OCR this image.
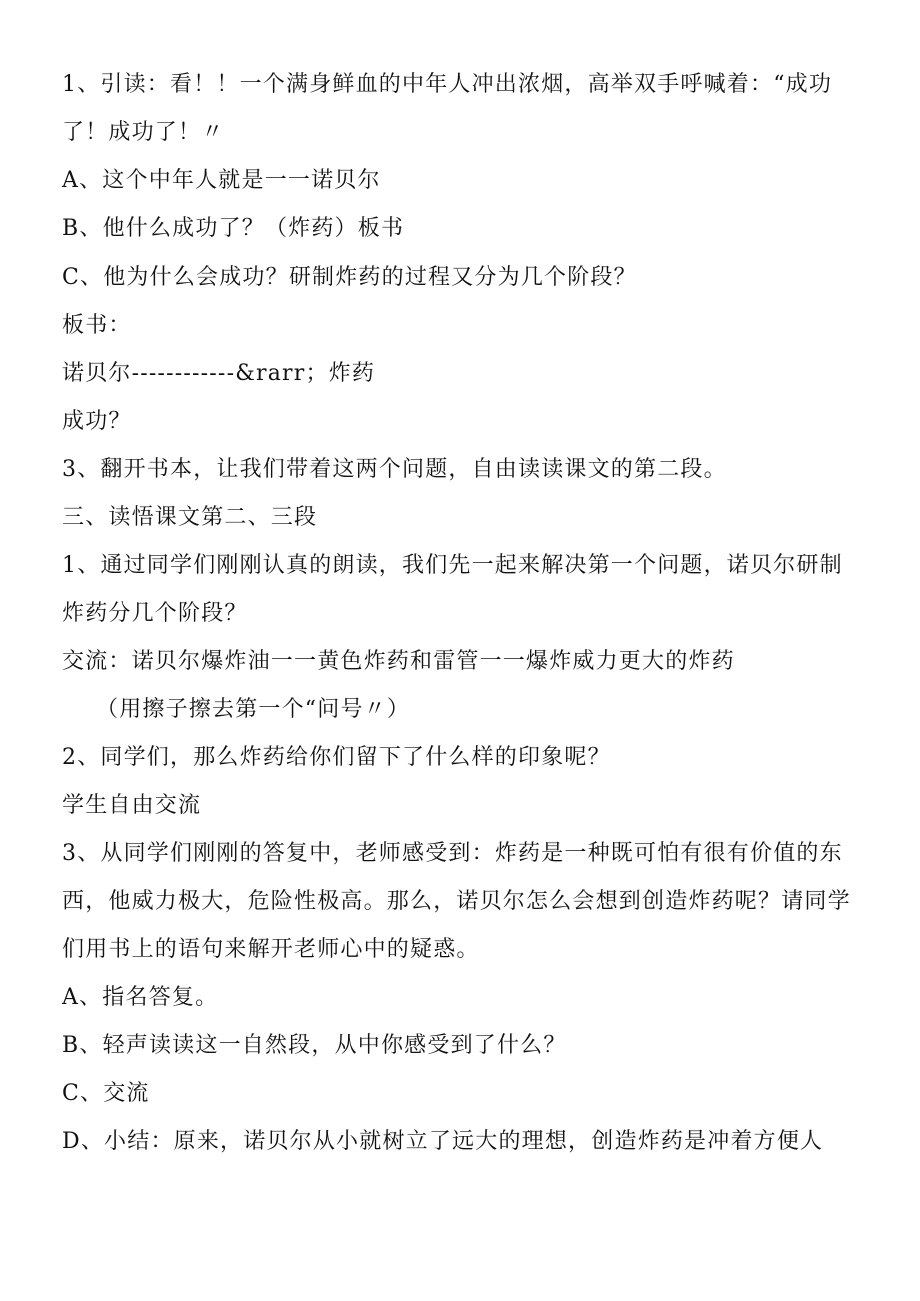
1、引读：看！！一个满身鲜血的中年人冲出浓烟，高举双手呼喊着：“成功

了！成功了！〃

A、这个中年人就是一一诺贝尔

B、他什么成功了？（炸药）板书

C、他为什么会成功？研制炸药的过程又分为几个阶段？

板书：

诺贝尔------------&rarr；炸药

成功？

3、翻开书本，让我们带着这两个问题，自由读读课文的第二段。

三、读悟课文第二、三段

1、通过同学们刚刚认真的朗读，我们先一起来解决第一个问题，诺贝尔研制

炸药分几个阶段？

交流：诺贝尔爆炸油一一黄色炸药和雷管一一爆炸威力更大的炸药

（用擦子擦去第一个“问号〃）

2、同学们，那么炸药给你们留下了什么样的印象呢？

学生自由交流

3、从同学们刚刚的答复中，老师感受到：炸药是一种既可怕有很有价值的东

西，他威力极大，危险性极高。那么，诺贝尔怎么会想到创造炸药呢？请同学

们用书上的语句来解开老师心中的疑惑。

A、指名答复。

B、轻声读读这一自然段，从中你感受到了什么？

C、交流

D、小结：原来，诺贝尔从小就树立了远大的理想，创造炸药是冲着方便人
